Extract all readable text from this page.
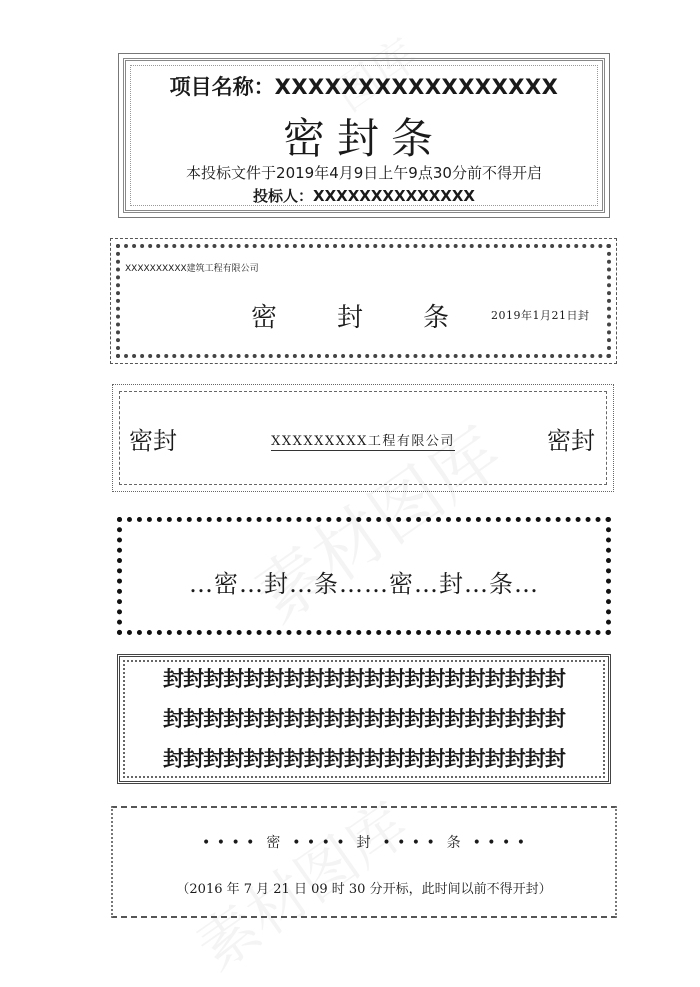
项目名称：XXXXXXXXXXXXXXXXX
密封条
本投标文件于2019年4月9日上午9点30分前不得开启
投标人：XXXXXXXXXXXXXX
XXXXXXXXXX建筑工程有限公司
密封条
2019年1月21日封
密封	XXXXXXXXX工程有限公司	密封
…密…封…条……密…封…条…
封封封封封封封封封封封封封封封封封封封封
封封封封封封封封封封封封封封封封封封封封
封封封封封封封封封封封封封封封封封封封封
• • • •  密  • • • •  封  • • • •  条  • • • •
（2016 年 7 月 21 日 09 时 30 分开标，此时间以前不得开封）
